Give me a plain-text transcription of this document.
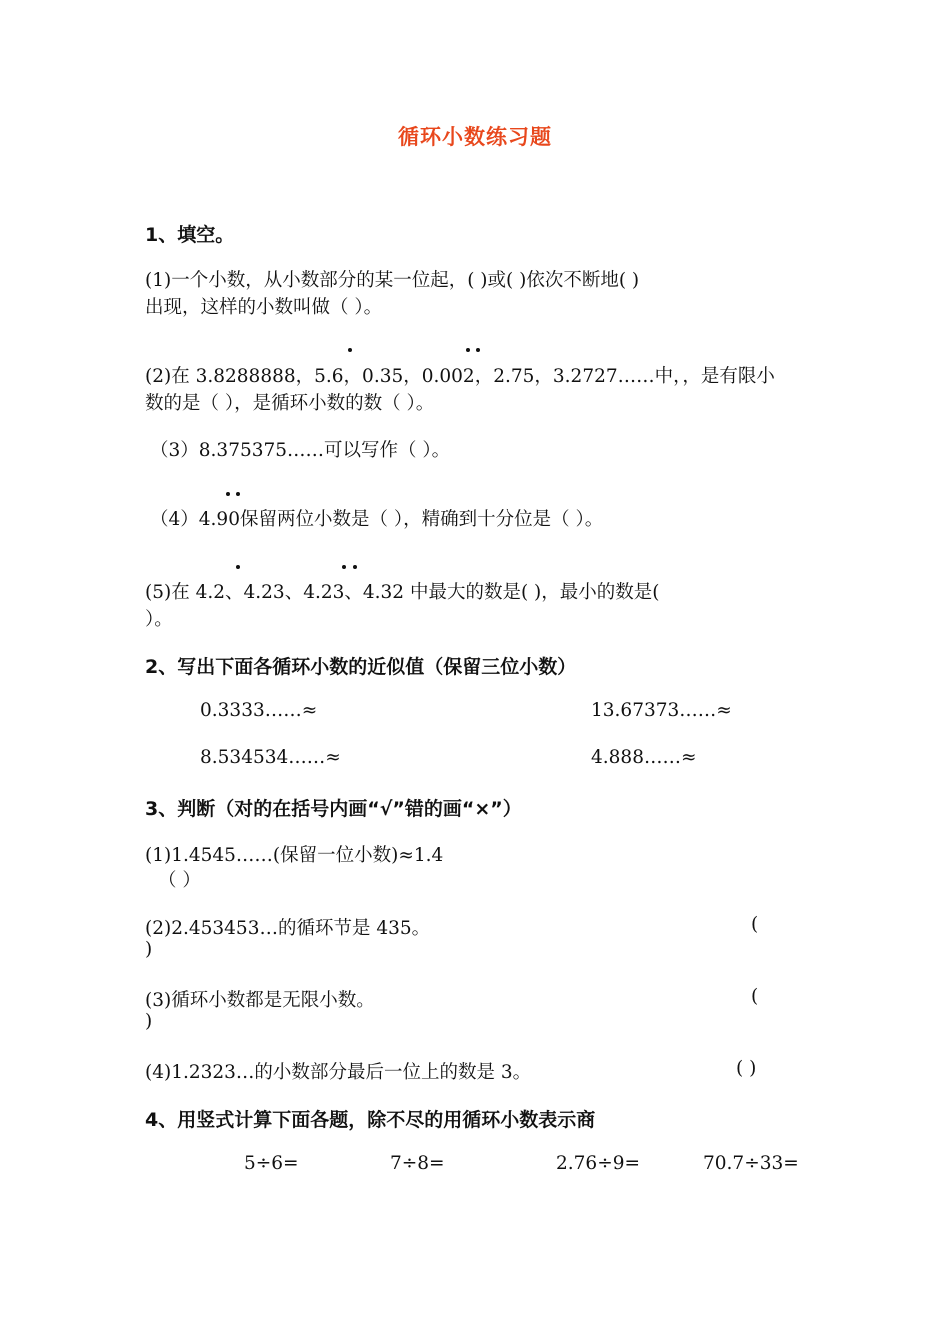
循环小数练习题
1、填空。
(1)一个小数，从小数部分的某一位起，( )或( )依次不断地( )
出现，这样的小数叫做（ ）。
(2)在 3.8288888，5.6，0.35，0.002，2.75，3.2727……中，，是有限小
数的是（ ），是循环小数的数（ ）。
（3）8.375375……可以写作（ ）。
（4）4.90保留两位小数是（ ），精确到十分位是（ ）。
(5)在 4.2、4.23、4.23、4.32 中最大的数是( )，最小的数是(
）。
2、写出下面各循环小数的近似值（保留三位小数）
0.3333……≈	13.67373……≈
8.534534……≈	4.888……≈
3、判断（对的在括号内画“√”错的画“×”）
(1)1.4545……(保留一位小数)≈1.4
（ ）
(2)2.453453…的循环节是 435。	(
)
(3)循环小数都是无限小数。	(
)
(4)1.2323…的小数部分最后一位上的数是 3。	( )
4、用竖式计算下面各题，除不尽的用循环小数表示商
5÷6=	7÷8=	2.76÷9=	70.7÷33=
